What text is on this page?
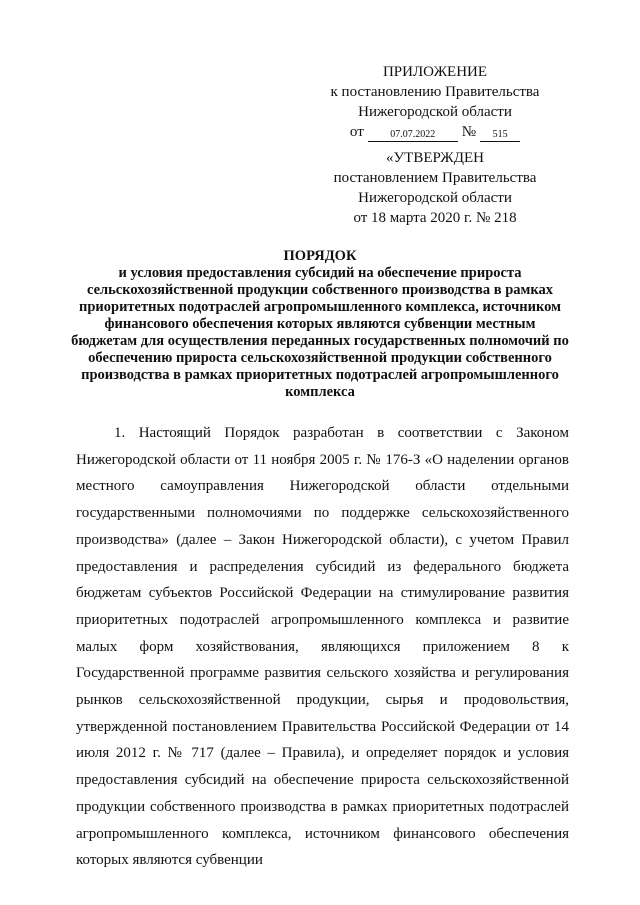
ПРИЛОЖЕНИЕ
к постановлению Правительства
Нижегородской области
от	07.07.2022	№	515
«УТВЕРЖДЕН
постановлением Правительства
Нижегородской области
от 18 марта 2020 г. № 218
ПОРЯДОК
и условия предоставления субсидий на обеспечение прироста сельскохозяйственной продукции собственного производства в рамках приоритетных подотраслей агропромышленного комплекса, источником финансового обеспечения которых являются субвенции местным бюджетам для осуществления переданных государственных полномочий по обеспечению прироста сельскохозяйственной продукции собственного производства в рамках приоритетных подотраслей агропромышленного комплекса

1. Настоящий Порядок разработан в соответствии с Законом Нижегородской области от 11 ноября 2005 г. № 176-З «О наделении органов местного самоуправления Нижегородской области отдельными государственными полномочиями по поддержке сельскохозяйственного производства» (далее – Закон Нижегородской области), с учетом Правил предоставления и распределения субсидий из федерального бюджета бюджетам субъектов Российской Федерации на стимулирование развития приоритетных подотраслей агропромышленного комплекса и развитие малых форм хозяйствования, являющихся приложением 8 к Государственной программе развития сельского хозяйства и регулирования рынков сельскохозяйственной продукции, сырья и продовольствия, утвержденной постановлением Правительства Российской Федерации от 14 июля 2012 г. № 717 (далее – Правила), и определяет порядок и условия предоставления субсидий на обеспечение прироста сельскохозяйственной продукции собственного производства в рамках приоритетных подотраслей агропромышленного комплекса, источником финансового обеспечения которых являются субвенции
